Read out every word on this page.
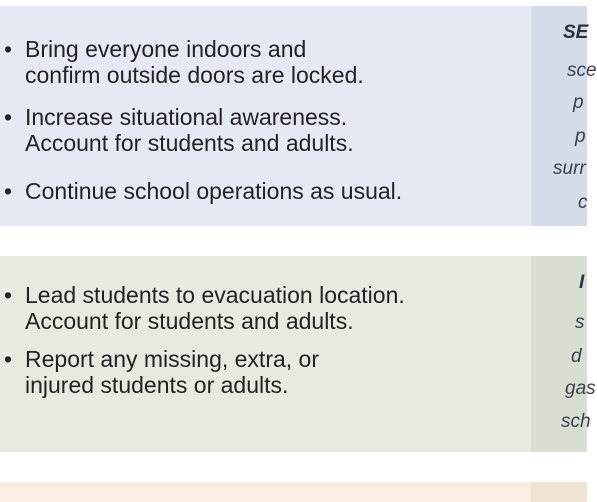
• Bring everyone indoors and
confirm outside doors are locked.
• Increase situational awareness.
Account for students and adults.
• Continue school operations as usual.
SE
sce
p
p
surr
c
• Lead students to evacuation location.
Account for students and adults.
• Report any missing, extra, or
injured students or adults.
I
s
d
gas
sch
